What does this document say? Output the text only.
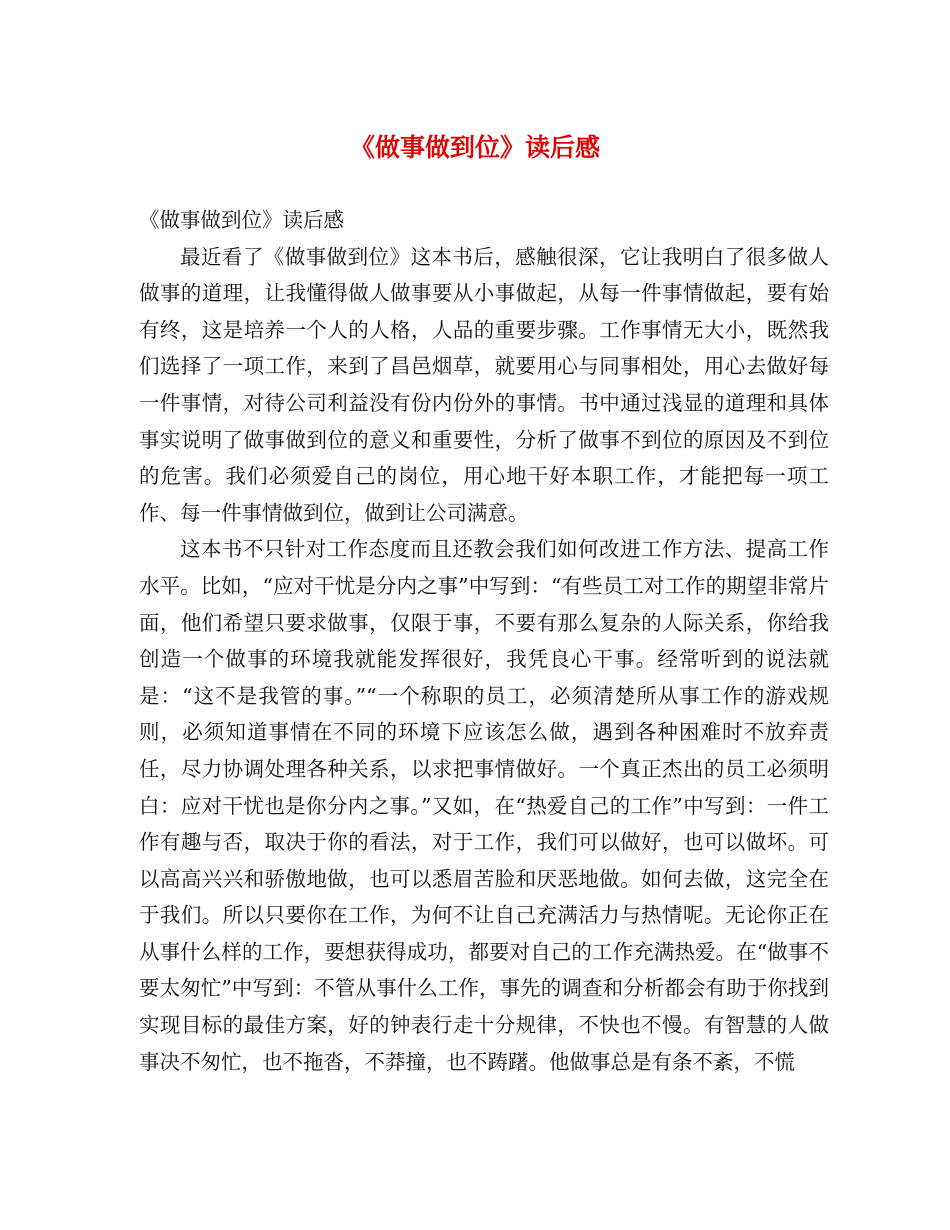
《做事做到位》读后感

《做事做到位》读后感

最近看了《做事做到位》这本书后，感触很深，它让我明白了很多做人做事的道理，让我懂得做人做事要从小事做起，从每一件事情做起，要有始有终，这是培养一个人的人格，人品的重要步骤。工作事情无大小，既然我们选择了一项工作，来到了昌邑烟草，就要用心与同事相处，用心去做好每一件事情，对待公司利益没有份内份外的事情。书中通过浅显的道理和具体事实说明了做事做到位的意义和重要性，分析了做事不到位的原因及不到位的危害。我们必须爱自己的岗位，用心地干好本职工作，才能把每一项工作、每一件事情做到位，做到让公司满意。

这本书不只针对工作态度而且还教会我们如何改进工作方法、提高工作水平。比如，“应对干忧是分内之事”中写到：“有些员工对工作的期望非常片面，他们希望只要求做事，仅限于事，不要有那么复杂的人际关系，你给我创造一个做事的环境我就能发挥很好，我凭良心干事。经常听到的说法就是：“这不是我管的事。”“一个称职的员工，必须清楚所从事工作的游戏规则，必须知道事情在不同的环境下应该怎么做，遇到各种困难时不放弃责任，尽力协调处理各种关系，以求把事情做好。一个真正杰出的员工必须明白：应对干忧也是你分内之事。”又如，在“热爱自己的工作”中写到：一件工作有趣与否，取决于你的看法，对于工作，我们可以做好，也可以做坏。可以高高兴兴和骄傲地做，也可以悉眉苦脸和厌恶地做。如何去做，这完全在于我们。所以只要你在工作，为何不让自己充满活力与热情呢。无论你正在从事什么样的工作，要想获得成功，都要对自己的工作充满热爱。在“做事不要太匆忙”中写到：不管从事什么工作，事先的调查和分析都会有助于你找到实现目标的最佳方案，好的钟表行走十分规律，不快也不慢。有智慧的人做事决不匆忙，也不拖沓，不莽撞，也不踌躇。他做事总是有条不紊，不慌
